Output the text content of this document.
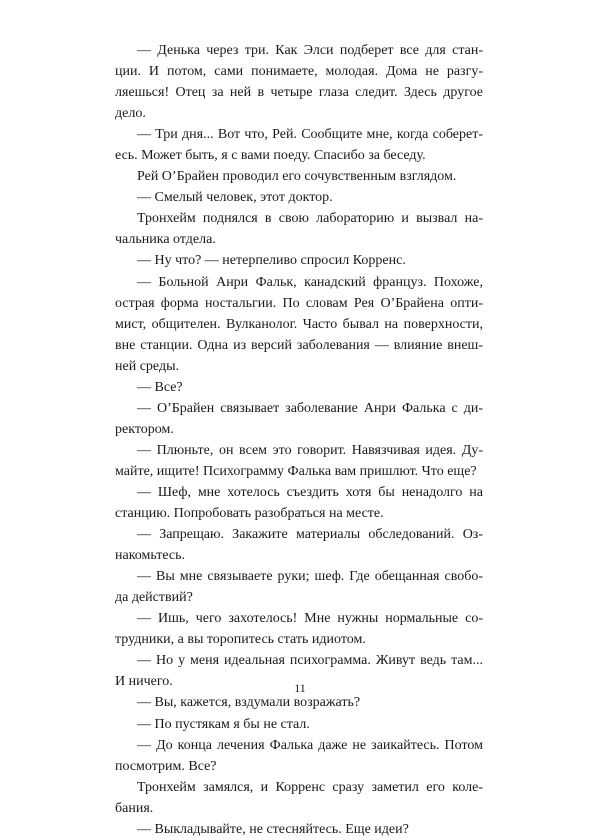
— Денька через три. Как Элси подберет все для стан-
ции. И потом, сами понимаете, молодая. Дома не разгу-
ляешься! Отец за ней в четыре глаза следит. Здесь другое
дело.

— Три дня... Вот что, Рей. Сообщите мне, когда соберет-
есь. Может быть, я с вами поеду. Спасибо за беседу.

Рей О’Брайен проводил его сочувственным взглядом.

— Смелый человек, этот доктор.

Тронхейм поднялся в свою лабораторию и вызвал на-
чальника отдела.

— Ну что? — нетерпеливо спросил Корренс.

— Больной Анри Фальк, канадский француз. Похоже,
острая форма ностальгии. По словам Рея О’Брайена опти-
мист, общителен. Вулканолог. Часто бывал на поверхности,
вне станции. Одна из версий заболевания — влияние внеш-
ней среды.

— Все?

— О’Брайен связывает заболевание Анри Фалька с ди-
ректором.

— Плюньте, он всем это говорит. Навязчивая идея. Ду-
майте, ищите! Психограмму Фалька вам пришлют. Что еще?

— Шеф, мне хотелось съездить хотя бы ненадолго на
станцию. Попробовать разобраться на месте.

— Запрещаю. Закажите материалы обследований. Оз-
накомьтесь.

— Вы мне связываете руки; шеф. Где обещанная свобо-
да действий?

— Ишь, чего захотелось! Мне нужны нормальные со-
трудники, а вы торопитесь стать идиотом.

— Но у меня идеальная психограмма. Живут ведь там...
И ничего.

— Вы, кажется, вздумали возражать?

— По пустякам я бы не стал.

— До конца лечения Фалька даже не заикайтесь. Потом
посмотрим. Все?

Тронхейм замялся, и Корренс сразу заметил его коле-
бания.

— Выкладывайте, не стесняйтесь. Еще идеи?

11
